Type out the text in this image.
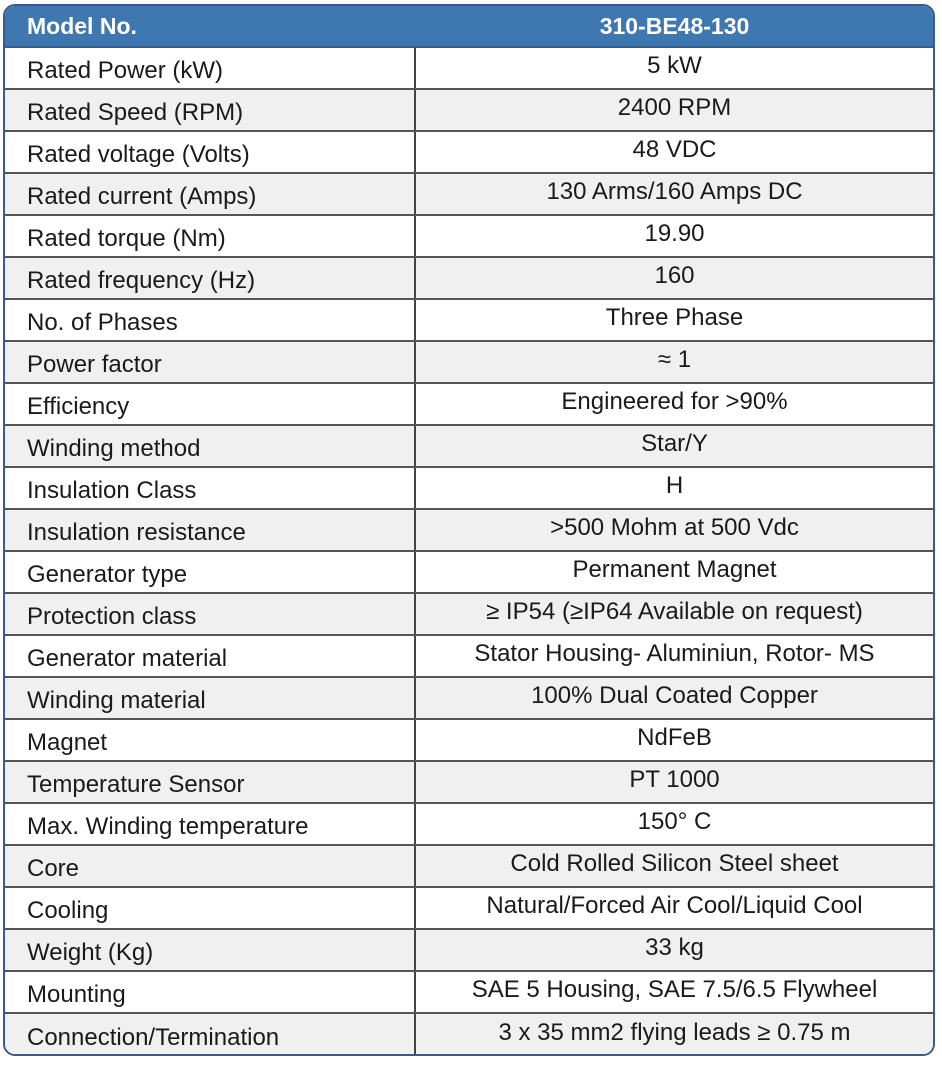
Model No.	310-BE48-130
Rated Power (kW)	5 kW
Rated Speed (RPM)	2400 RPM
Rated voltage (Volts)	48 VDC
Rated current (Amps)	130 Arms/160 Amps DC
Rated torque (Nm)	19.90
Rated frequency (Hz)	160
No. of Phases	Three Phase
Power factor	≈ 1
Efficiency	Engineered for >90%
Winding method	Star/Y
Insulation Class	H
Insulation resistance	>500 Mohm at 500 Vdc
Generator type	Permanent Magnet
Protection class	≥ IP54 (≥IP64 Available on request)
Generator material	Stator Housing- Aluminiun, Rotor- MS
Winding material	100% Dual Coated Copper
Magnet	NdFeB
Temperature Sensor	PT 1000
Max. Winding temperature	150° C
Core	Cold Rolled Silicon Steel sheet
Cooling	Natural/Forced Air Cool/Liquid Cool
Weight (Kg)	33 kg
Mounting	SAE 5 Housing, SAE 7.5/6.5 Flywheel
Connection/Termination	3 x 35 mm2 flying leads ≥ 0.75 m
